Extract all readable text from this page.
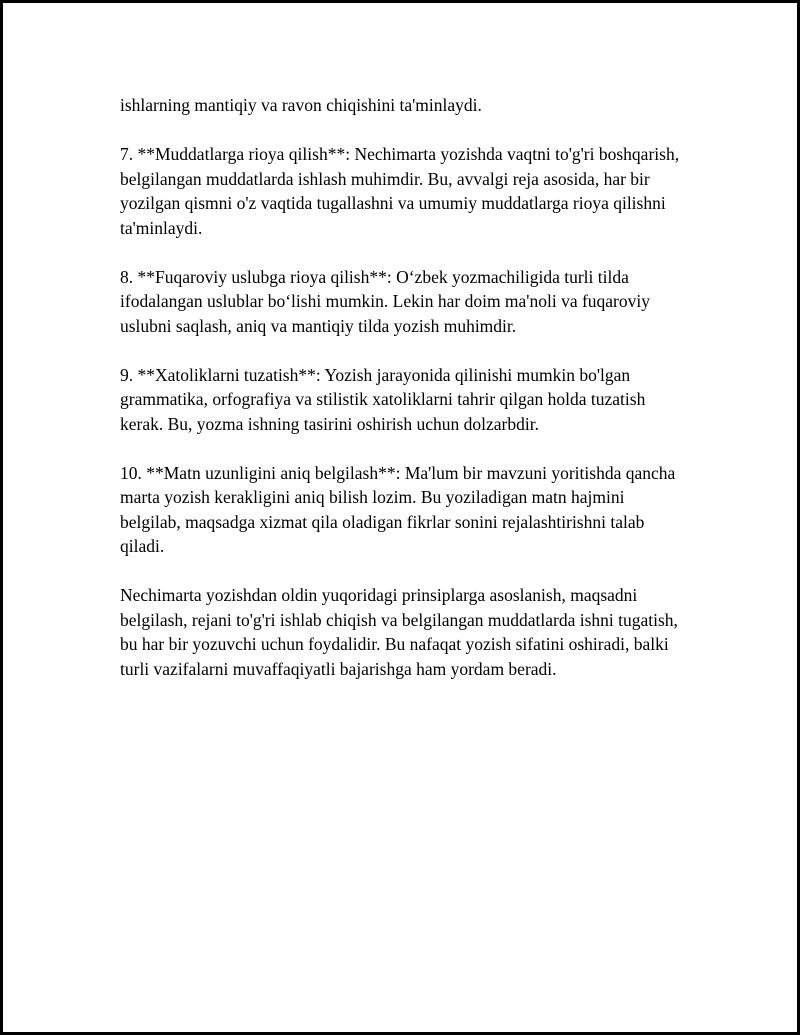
ishlarning mantiqiy va ravon chiqishini ta'minlaydi.

7. **Muddatlarga rioya qilish**: Nechimarta yozishda vaqtni to'g'ri boshqarish, belgilangan muddatlarda ishlash muhimdir. Bu, avvalgi reja asosida, har bir yozilgan qismni o'z vaqtida tugallashni va umumiy muddatlarga rioya qilishni ta'minlaydi.

8. **Fuqaroviy uslubga rioya qilish**: O‘zbek yozmachiligida turli tilda ifodalangan uslublar bo‘lishi mumkin. Lekin har doim ma'noli va fuqaroviy uslubni saqlash, aniq va mantiqiy tilda yozish muhimdir.

9. **Xatoliklarni tuzatish**: Yozish jarayonida qilinishi mumkin bo'lgan grammatika, orfografiya va stilistik xatoliklarni tahrir qilgan holda tuzatish kerak. Bu, yozma ishning tasirini oshirish uchun dolzarbdir.

10. **Matn uzunligini aniq belgilash**: Ma'lum bir mavzuni yoritishda qancha marta yozish kerakligini aniq bilish lozim. Bu yoziladigan matn hajmini belgilab, maqsadga xizmat qila oladigan fikrlar sonini rejalashtirishni talab qiladi.

Nechimarta yozishdan oldin yuqoridagi prinsiplarga asoslanish, maqsadni belgilash, rejani to'g'ri ishlab chiqish va belgilangan muddatlarda ishni tugatish, bu har bir yozuvchi uchun foydalidir. Bu nafaqat yozish sifatini oshiradi, balki turli vazifalarni muvaffaqiyatli bajarishga ham yordam beradi.
